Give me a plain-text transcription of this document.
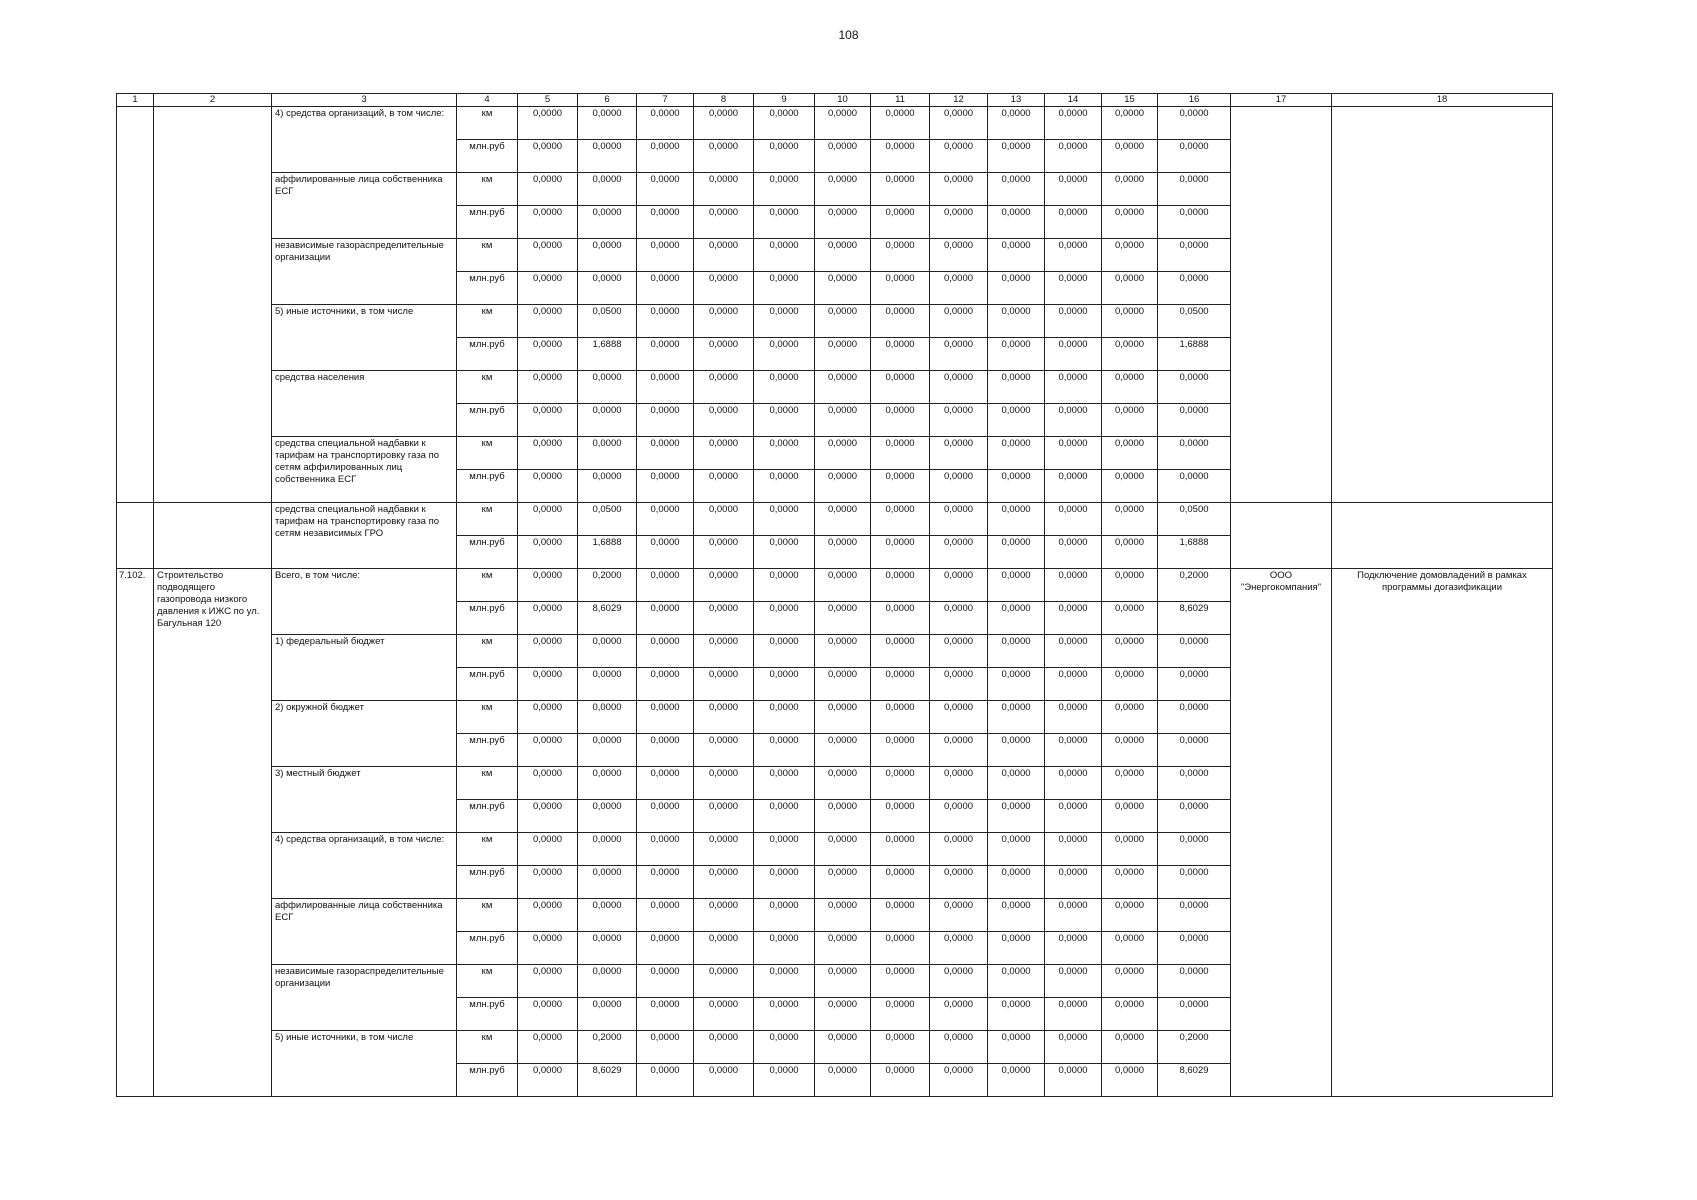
108
1	2	3	4	5	6	7	8	9	10	11	12	13	14	15	16	17	18
		4) средства организаций, в том числе:	км	0,0000	0,0000	0,0000	0,0000	0,0000	0,0000	0,0000	0,0000	0,0000	0,0000	0,0000	0,0000		
			млн.руб	0,0000	0,0000	0,0000	0,0000	0,0000	0,0000	0,0000	0,0000	0,0000	0,0000	0,0000	0,0000		
		аффилированные лица собственника ЕСГ	км	0,0000	0,0000	0,0000	0,0000	0,0000	0,0000	0,0000	0,0000	0,0000	0,0000	0,0000	0,0000		
			млн.руб	0,0000	0,0000	0,0000	0,0000	0,0000	0,0000	0,0000	0,0000	0,0000	0,0000	0,0000	0,0000		
		независимые газораспределительные организации	км	0,0000	0,0000	0,0000	0,0000	0,0000	0,0000	0,0000	0,0000	0,0000	0,0000	0,0000	0,0000		
			млн.руб	0,0000	0,0000	0,0000	0,0000	0,0000	0,0000	0,0000	0,0000	0,0000	0,0000	0,0000	0,0000		
		5) иные источники, в том числе	км	0,0000	0,0500	0,0000	0,0000	0,0000	0,0000	0,0000	0,0000	0,0000	0,0000	0,0000	0,0500		
			млн.руб	0,0000	1,6888	0,0000	0,0000	0,0000	0,0000	0,0000	0,0000	0,0000	0,0000	0,0000	1,6888		
		средства населения	км	0,0000	0,0000	0,0000	0,0000	0,0000	0,0000	0,0000	0,0000	0,0000	0,0000	0,0000	0,0000		
			млн.руб	0,0000	0,0000	0,0000	0,0000	0,0000	0,0000	0,0000	0,0000	0,0000	0,0000	0,0000	0,0000		
		средства специальной надбавки к тарифам на транспортировку газа по сетям аффилированных лиц собственника ЕСГ	км	0,0000	0,0000	0,0000	0,0000	0,0000	0,0000	0,0000	0,0000	0,0000	0,0000	0,0000	0,0000		
			млн.руб	0,0000	0,0000	0,0000	0,0000	0,0000	0,0000	0,0000	0,0000	0,0000	0,0000	0,0000	0,0000		
		средства специальной надбавки к тарифам на транспортировку газа по сетям независимых ГРО	км	0,0000	0,0500	0,0000	0,0000	0,0000	0,0000	0,0000	0,0000	0,0000	0,0000	0,0000	0,0500		
			млн.руб	0,0000	1,6888	0,0000	0,0000	0,0000	0,0000	0,0000	0,0000	0,0000	0,0000	0,0000	1,6888		
7.102.	Строительство подводящего газопровода низкого давления к ИЖС по ул. Багульная 120	Всего, в том числе:	км	0,0000	0,2000	0,0000	0,0000	0,0000	0,0000	0,0000	0,0000	0,0000	0,0000	0,0000	0,2000	ООО "Энергокомпания"	Подключение домовладений в рамках программы догазификации
			млн.руб	0,0000	8,6029	0,0000	0,0000	0,0000	0,0000	0,0000	0,0000	0,0000	0,0000	0,0000	8,6029		
		1) федеральный бюджет	км	0,0000	0,0000	0,0000	0,0000	0,0000	0,0000	0,0000	0,0000	0,0000	0,0000	0,0000	0,0000		
			млн.руб	0,0000	0,0000	0,0000	0,0000	0,0000	0,0000	0,0000	0,0000	0,0000	0,0000	0,0000	0,0000		
		2) окружной бюджет	км	0,0000	0,0000	0,0000	0,0000	0,0000	0,0000	0,0000	0,0000	0,0000	0,0000	0,0000	0,0000		
			млн.руб	0,0000	0,0000	0,0000	0,0000	0,0000	0,0000	0,0000	0,0000	0,0000	0,0000	0,0000	0,0000		
		3) местный бюджет	км	0,0000	0,0000	0,0000	0,0000	0,0000	0,0000	0,0000	0,0000	0,0000	0,0000	0,0000	0,0000		
			млн.руб	0,0000	0,0000	0,0000	0,0000	0,0000	0,0000	0,0000	0,0000	0,0000	0,0000	0,0000	0,0000		
		4) средства организаций, в том числе:	км	0,0000	0,0000	0,0000	0,0000	0,0000	0,0000	0,0000	0,0000	0,0000	0,0000	0,0000	0,0000		
			млн.руб	0,0000	0,0000	0,0000	0,0000	0,0000	0,0000	0,0000	0,0000	0,0000	0,0000	0,0000	0,0000		
		аффилированные лица собственника ЕСГ	км	0,0000	0,0000	0,0000	0,0000	0,0000	0,0000	0,0000	0,0000	0,0000	0,0000	0,0000	0,0000		
			млн.руб	0,0000	0,0000	0,0000	0,0000	0,0000	0,0000	0,0000	0,0000	0,0000	0,0000	0,0000	0,0000		
		независимые газораспределительные организации	км	0,0000	0,0000	0,0000	0,0000	0,0000	0,0000	0,0000	0,0000	0,0000	0,0000	0,0000	0,0000		
			млн.руб	0,0000	0,0000	0,0000	0,0000	0,0000	0,0000	0,0000	0,0000	0,0000	0,0000	0,0000	0,0000		
		5) иные источники, в том числе	км	0,0000	0,2000	0,0000	0,0000	0,0000	0,0000	0,0000	0,0000	0,0000	0,0000	0,0000	0,2000		
			млн.руб	0,0000	8,6029	0,0000	0,0000	0,0000	0,0000	0,0000	0,0000	0,0000	0,0000	0,0000	8,6029		
